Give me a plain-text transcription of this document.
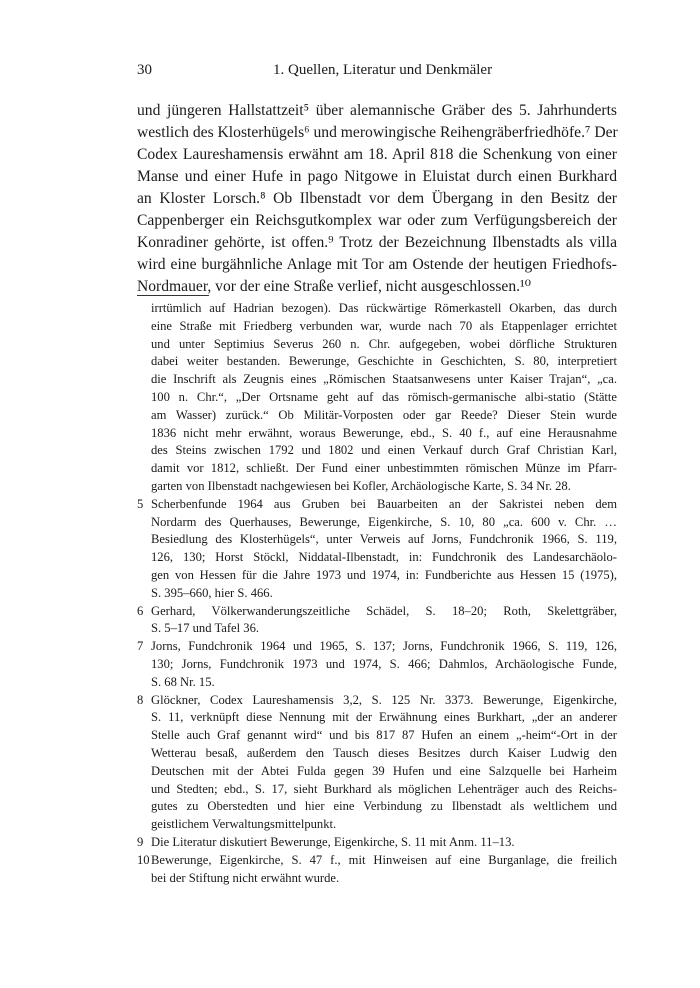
30	1. Quellen, Literatur und Denkmäler
und jüngeren Hallstattzeit⁵ über alemannische Gräber des 5. Jahrhunderts
westlich des Klosterhügels⁶ und merowingische Reihengräberfriedhöfe.⁷ Der
Codex Laureshamensis erwähnt am 18. April 818 die Schenkung von einer
Manse und einer Hufe in pago Nitgowe in Eluistat durch einen Burkhard
an Kloster Lorsch.⁸ Ob Ilbenstadt vor dem Übergang in den Besitz der
Cappenberger ein Reichsgutkomplex war oder zum Verfügungsbereich der
Konradiner gehörte, ist offen.⁹ Trotz der Bezeichnung Ilbenstadts als villa
wird eine burgähnliche Anlage mit Tor am Ostende der heutigen Friedhofs-
Nordmauer, vor der eine Straße verlief, nicht ausgeschlossen.¹⁰
irrtümlich auf Hadrian bezogen). Das rückwärtige Römerkastell Okarben, das durch
eine Straße mit Friedberg verbunden war, wurde nach 70 als Etappenlager errichtet
und unter Septimius Severus 260 n. Chr. aufgegeben, wobei dörfliche Strukturen
dabei weiter bestanden. Bewerunge, Geschichte in Geschichten, S. 80, interpretiert
die Inschrift als Zeugnis eines „Römischen Staatsanwesens unter Kaiser Trajan“, „ca.
100 n. Chr.“, „Der Ortsname geht auf das römisch-germanische albi-statio (Stätte
am Wasser) zurück.“ Ob Militär-Vorposten oder gar Reede? Dieser Stein wurde
1836 nicht mehr erwähnt, woraus Bewerunge, ebd., S. 40 f., auf eine Herausnahme
des Steins zwischen 1792 und 1802 und einen Verkauf durch Graf Christian Karl,
damit vor 1812, schließt. Der Fund einer unbestimmten römischen Münze im Pfarr-
garten von Ilbenstadt nachgewiesen bei Kofler, Archäologische Karte, S. 34 Nr. 28.
5 Scherbenfunde 1964 aus Gruben bei Bauarbeiten an der Sakristei neben dem
Nordarm des Querhauses, Bewerunge, Eigenkirche, S. 10, 80 „ca. 600 v. Chr. …
Besiedlung des Klosterhügels“, unter Verweis auf Jorns, Fundchronik 1966, S. 119,
126, 130; Horst Stöckl, Niddatal-Ilbenstadt, in: Fundchronik des Landesarchäolo-
gen von Hessen für die Jahre 1973 und 1974, in: Fundberichte aus Hessen 15 (1975),
S. 395–660, hier S. 466.
6 Gerhard, Völkerwanderungszeitliche Schädel, S. 18–20; Roth, Skelettgräber,
S. 5–17 und Tafel 36.
7 Jorns, Fundchronik 1964 und 1965, S. 137; Jorns, Fundchronik 1966, S. 119, 126,
130; Jorns, Fundchronik 1973 und 1974, S. 466; Dahmlos, Archäologische Funde,
S. 68 Nr. 15.
8 Glöckner, Codex Laureshamensis 3,2, S. 125 Nr. 3373. Bewerunge, Eigenkirche,
S. 11, verknüpft diese Nennung mit der Erwähnung eines Burkhart, „der an anderer
Stelle auch Graf genannt wird“ und bis 817 87 Hufen an einem „-heim“-Ort in der
Wetterau besaß, außerdem den Tausch dieses Besitzes durch Kaiser Ludwig den
Deutschen mit der Abtei Fulda gegen 39 Hufen und eine Salzquelle bei Harheim
und Stedten; ebd., S. 17, sieht Burkhard als möglichen Lehenträger auch des Reichs-
gutes zu Oberstedten und hier eine Verbindung zu Ilbenstadt als weltlichem und
geistlichem Verwaltungsmittelpunkt.
9 Die Literatur diskutiert Bewerunge, Eigenkirche, S. 11 mit Anm. 11–13.
10 Bewerunge, Eigenkirche, S. 47 f., mit Hinweisen auf eine Burganlage, die freilich
bei der Stiftung nicht erwähnt wurde.
